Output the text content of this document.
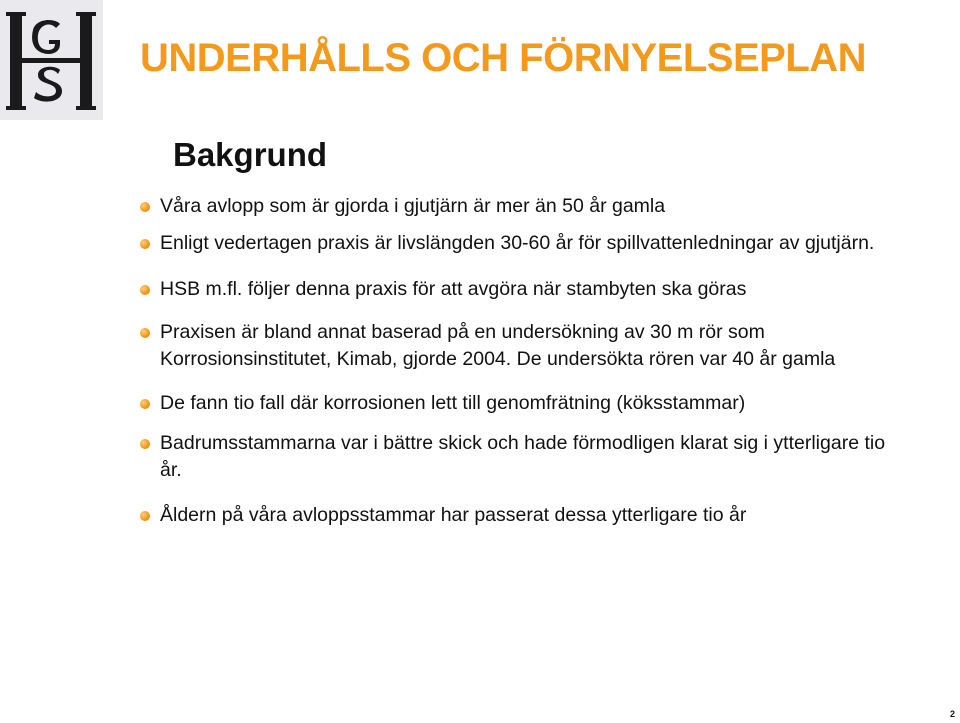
UNDERHÅLLS OCH FÖRNYELSEPLAN
Bakgrund
Våra avlopp som är gjorda i gjutjärn är mer än 50 år gamla
Enligt vedertagen praxis är livslängden 30-60 år för spillvattenledningar av gjutjärn.
HSB m.fl. följer denna praxis för att avgöra när stambyten ska göras
Praxisen är bland annat baserad på en undersökning av 30 m rör som Korrosionsinstitutet, Kimab, gjorde 2004. De undersökta rören var 40 år gamla
De fann tio fall där korrosionen lett till genomfrätning (köksstammar)
Badrumsstammarna var i bättre skick och hade förmodligen klarat sig i ytterligare tio år.
Åldern på våra avloppsstammar har passerat dessa ytterligare tio år
2
